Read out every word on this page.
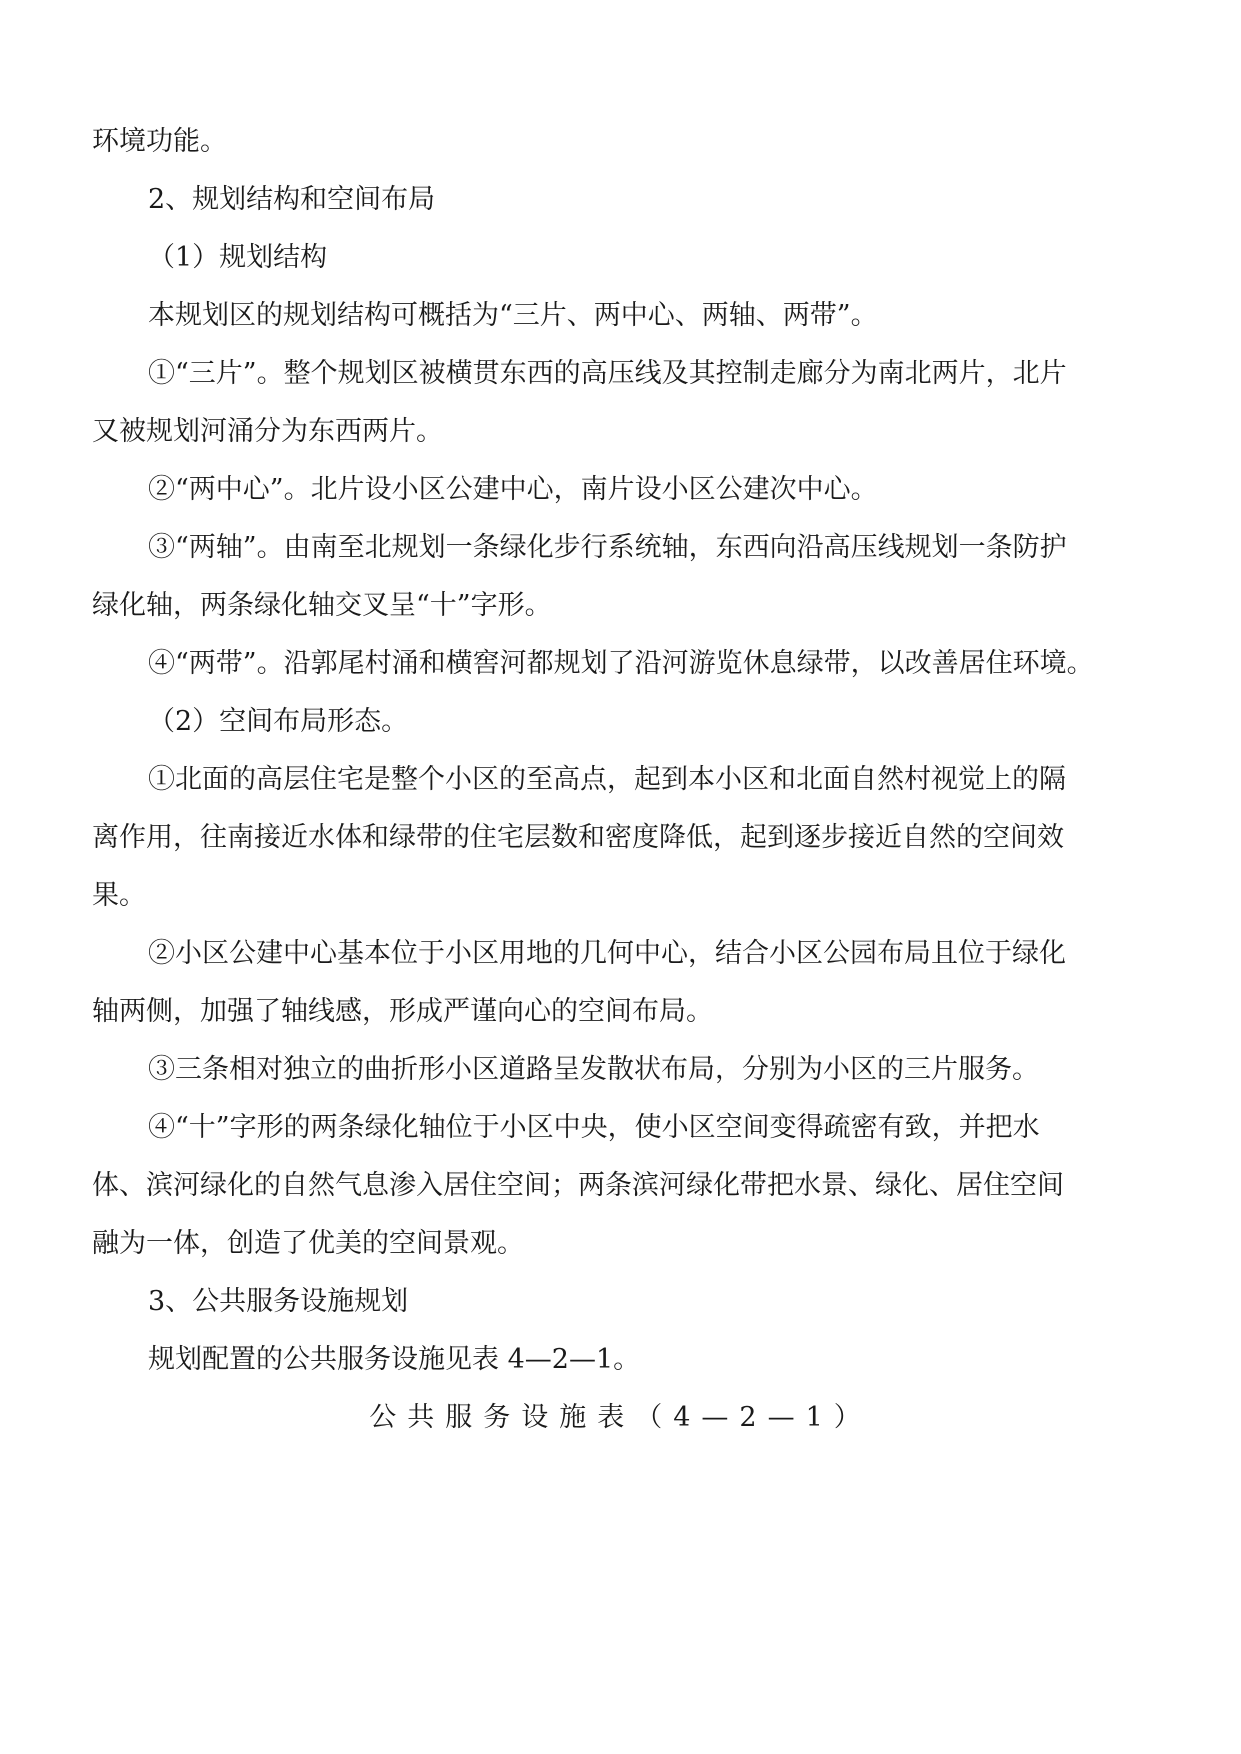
环境功能。
2、规划结构和空间布局
（1）规划结构
本规划区的规划结构可概括为“三片、两中心、两轴、两带”。
①“三片”。整个规划区被横贯东西的高压线及其控制走廊分为南北两片，北片
又被规划河涌分为东西两片。
②“两中心”。北片设小区公建中心，南片设小区公建次中心。
③“两轴”。由南至北规划一条绿化步行系统轴，东西向沿高压线规划一条防护
绿化轴，两条绿化轴交叉呈“十”字形。
④“两带”。沿郭尾村涌和横窖河都规划了沿河游览休息绿带，以改善居住环境。
（2）空间布局形态。
①北面的高层住宅是整个小区的至高点，起到本小区和北面自然村视觉上的隔
离作用，往南接近水体和绿带的住宅层数和密度降低，起到逐步接近自然的空间效
果。
②小区公建中心基本位于小区用地的几何中心，结合小区公园布局且位于绿化
轴两侧，加强了轴线感，形成严谨向心的空间布局。
③三条相对独立的曲折形小区道路呈发散状布局，分别为小区的三片服务。
④“十”字形的两条绿化轴位于小区中央，使小区空间变得疏密有致，并把水
体、滨河绿化的自然气息渗入居住空间；两条滨河绿化带把水景、绿化、居住空间
融为一体，创造了优美的空间景观。
3、公共服务设施规划
规划配置的公共服务设施见表 4—2—1。
公共服务设施表（4—2—1）
